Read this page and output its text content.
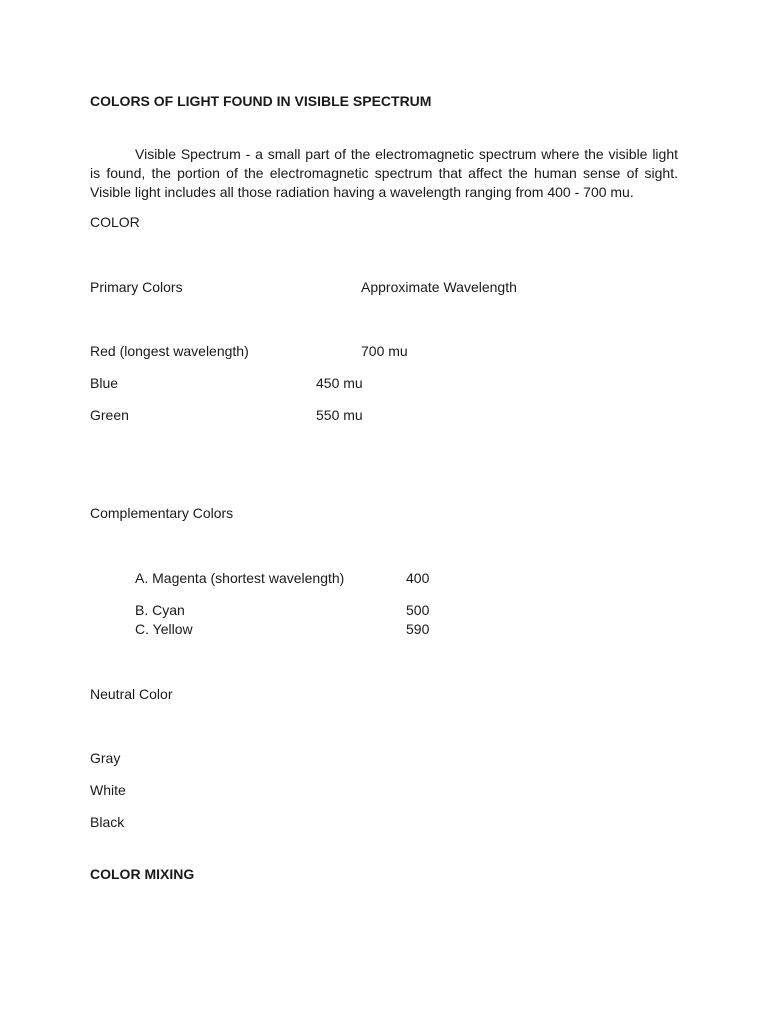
COLORS OF LIGHT FOUND IN VISIBLE SPECTRUM
Visible Spectrum - a small part of the electromagnetic spectrum where the visible light is found, the portion of the electromagnetic spectrum that affect the human sense of sight. Visible light includes all those radiation having a wavelength ranging from 400 - 700 mu.
COLOR
Primary Colors	Approximate Wavelength
Red (longest wavelength)	700 mu
Blue	450 mu
Green	550 mu
Complementary Colors
A. Magenta (shortest wavelength)	400
B. Cyan	500
C. Yellow	590
Neutral Color
Gray
White
Black
COLOR MIXING
